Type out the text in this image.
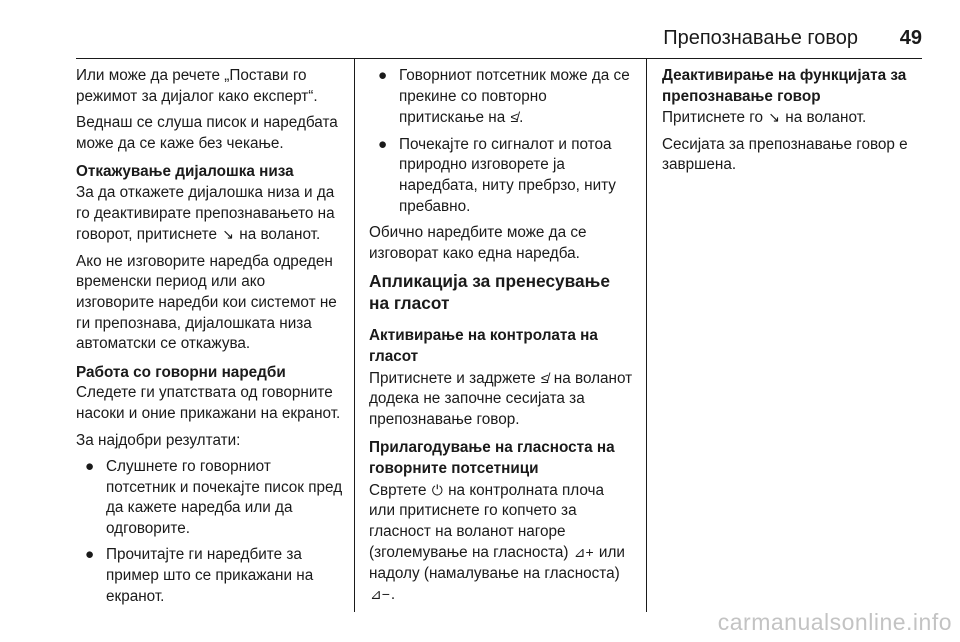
Препознавање говор 49

Или може да речете „Постави го режимот за дијалог како експерт“.

Веднаш се слуша писок и наредбата може да се каже без чекање.

Откажување дијалошка низа

За да откажете дијалошка низа и да го деактивирате препознавањето на говорот, притиснете ↘ на воланот.

Ако не изговорите наредба одреден временски период или ако изговорите наредби кои системот не ги препознава, дијалошката низа автоматски се откажува.

Работа со говорни наредби

Следете ги упатствата од говорните насоки и оние прикажани на екранот.

За најдобри резултати:

● Слушнете го говорниот потсетник и почекајте писок пред да кажете наредба или да одговорите.
● Прочитајте ги наредбите за пример што се прикажани на екранот.
● Говорниот потсетник може да се прекине со повторно притискање на ≰.
● Почекајте го сигналот и потоа природно изговорете ја наредбата, ниту пребрзо, ниту пребавно.

Обично наредбите може да се изговорат како една наредба.

Апликација за пренесување на гласот
Активирање на контролата на гласот

Притиснете и задржете ≰ на воланот додека не започне сесијата за препознавање говор.

Прилагодување на гласноста на говорните потсетници

Свртете ⏻ на контролната плоча или притиснете го копчето за гласност на воланот нагоре (зголемување на гласноста) ⊿+ или надолу (намалување на гласноста) ⊿−.

Деактивирање на функцијата за препознавање говор

Притиснете го ↘ на воланот.

Сесијата за препознавање говор е завршена.

carmanualsonline.info
